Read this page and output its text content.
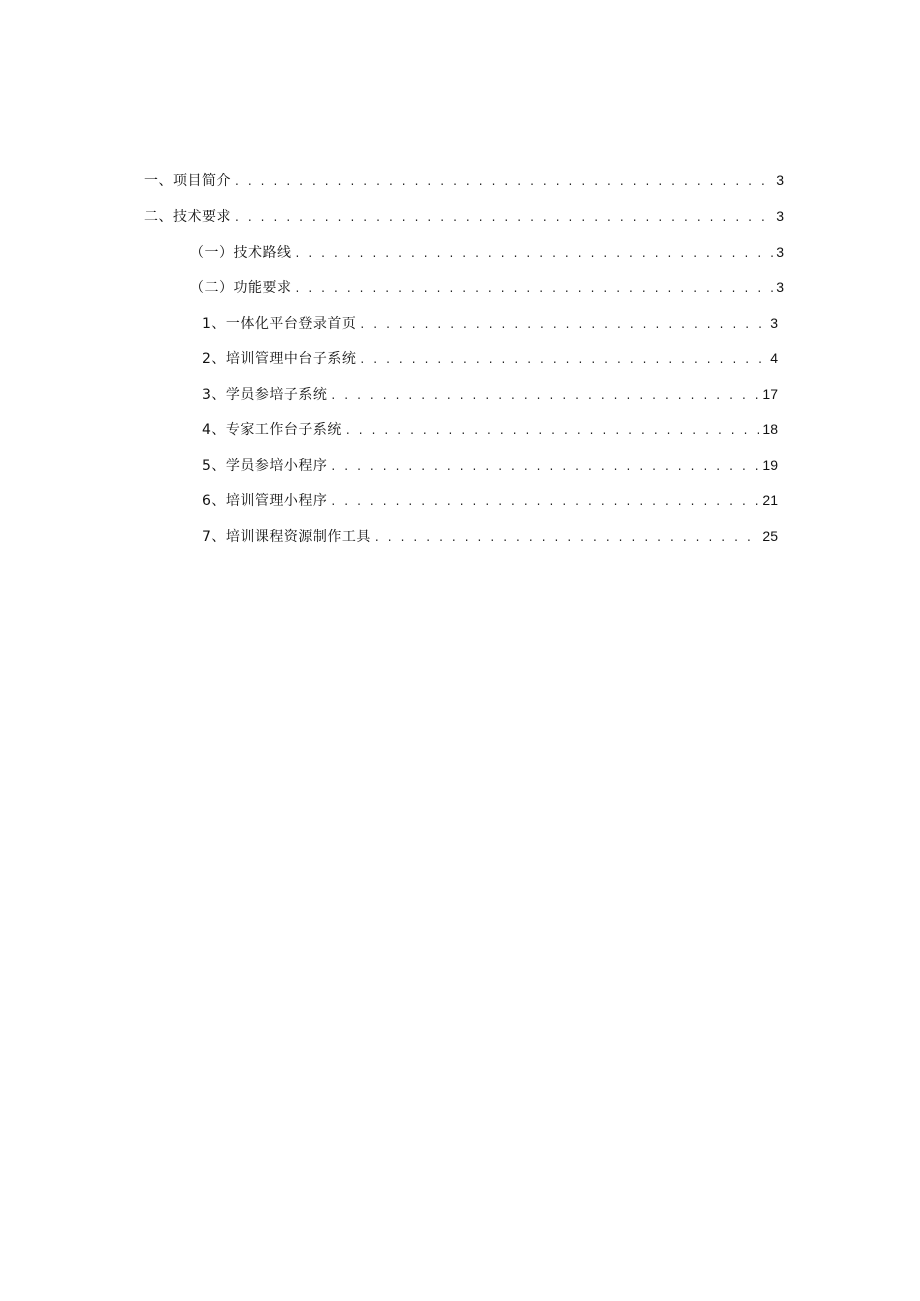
一、项目简介 . . .	3
二、技术要求 . . .	3
（一）技术路线 . . .	3
（二）功能要求 . . .	3
1、一体化平台登录首页 . . .	3
2、培训管理中台子系统 . . .	4
3、学员参培子系统 . . .	17
4、专家工作台子系统 . . .	18
5、学员参培小程序 . . .	19
6、培训管理小程序 . . .	21
7、培训课程资源制作工具 . . .	25
